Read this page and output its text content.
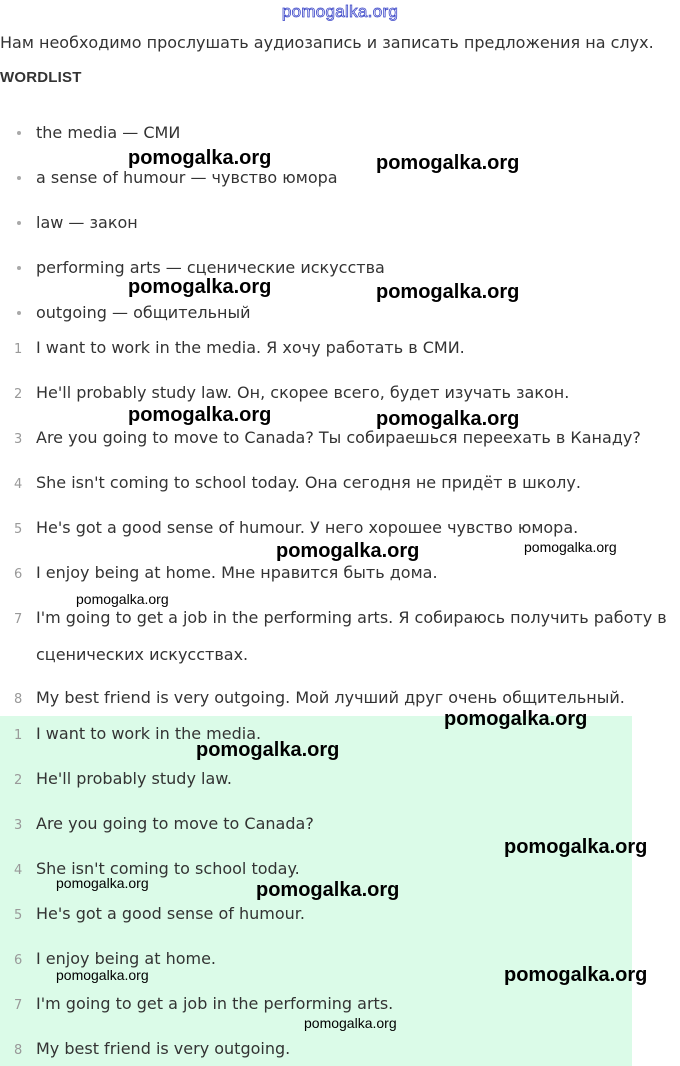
pomogalka.org
Нам необходимо прослушать аудиозапись и записать предложения на слух.
WORDLIST
the media — СМИ
a sense of humour — чувство юмора
law — закон
performing arts — сценические искусства
outgoing — общительный
1 I want to work in the media. Я хочу работать в СМИ.
2 He'll probably study law. Он, скорее всего, будет изучать закон.
3 Are you going to move to Canada? Ты собираешься переехать в Канаду?
4 She isn't coming to school today. Она сегодня не придёт в школу.
5 He's got a good sense of humour. У него хорошее чувство юмора.
6 I enjoy being at home. Мне нравится быть дома.
7 I'm going to get a job in the performing arts. Я собираюсь получить работу в
сценических искусствах.
8 My best friend is very outgoing. Мой лучший друг очень общительный.
1 I want to work in the media.
2 He'll probably study law.
3 Are you going to move to Canada?
4 She isn't coming to school today.
5 He's got a good sense of humour.
6 I enjoy being at home.
7 I'm going to get a job in the performing arts.
8 My best friend is very outgoing.
pomogalka.org	pomogalka.org
pomogalka.org	pomogalka.org
pomogalka.org	pomogalka.org
pomogalka.org	pomogalka.org
pomogalka.org
pomogalka.org
pomogalka.org
pomogalka.org
pomogalka.org	pomogalka.org
pomogalka.org
pomogalka.org
pomogalka.org
